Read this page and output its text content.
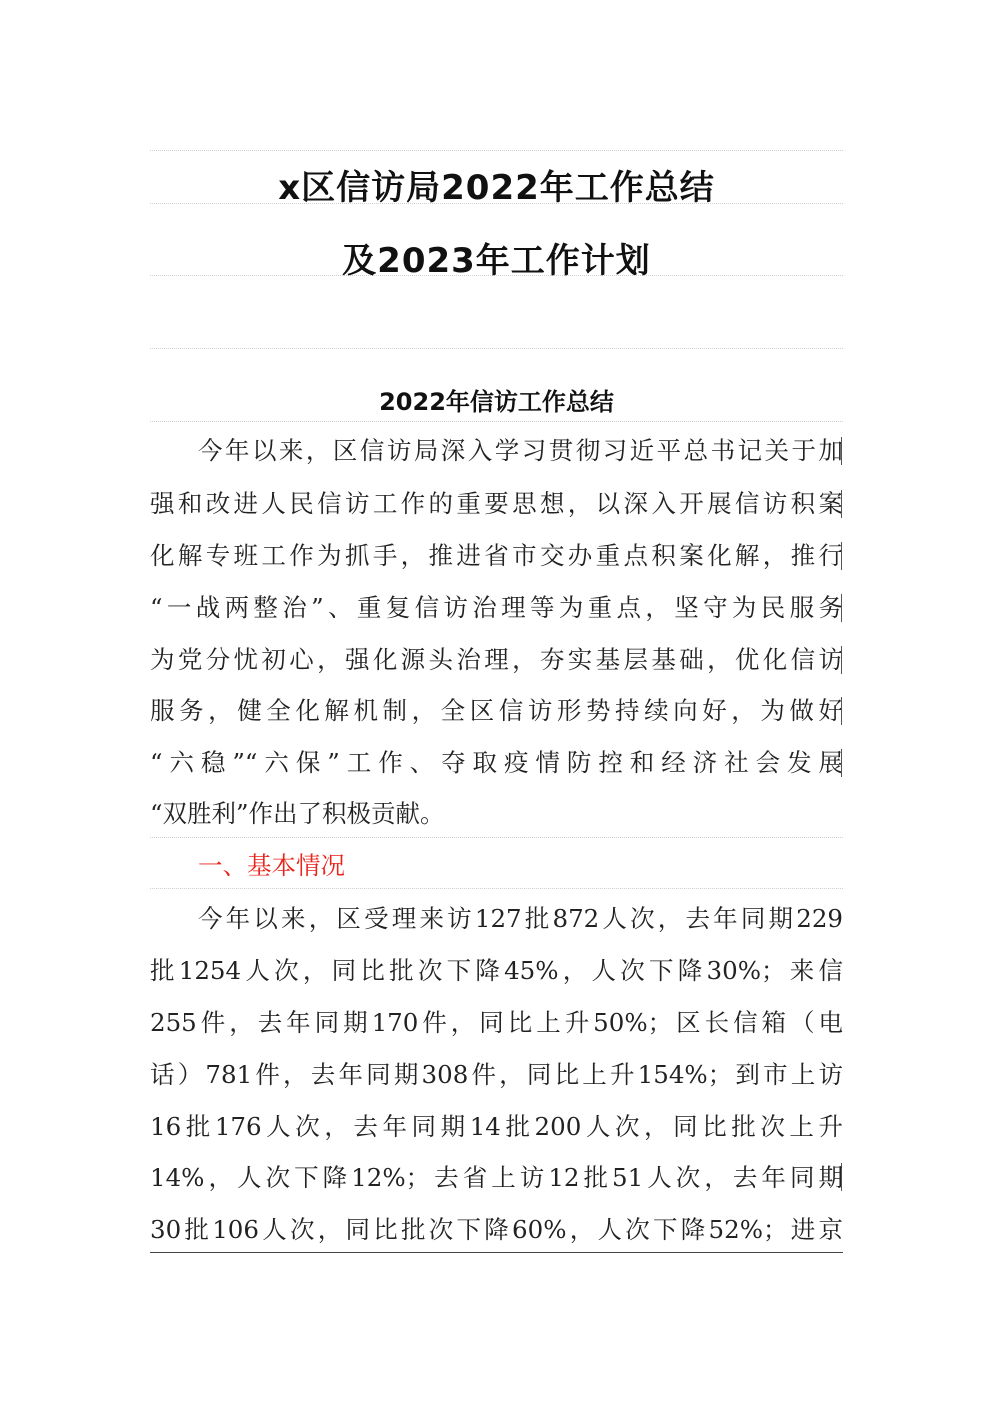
x区信访局2022年工作总结
及2023年工作计划
2022年信访工作总结
今年以来，区信访局深入学习贯彻习近平总书记关于加
强和改进人民信访工作的重要思想，以深入开展信访积案
化解专班工作为抓手，推进省市交办重点积案化解，推行
“一战两整治”、重复信访治理等为重点，坚守为民服务
为党分忧初心，强化源头治理，夯实基层基础，优化信访
服务，健全化解机制，全区信访形势持续向好，为做好
“六稳”“六保”工作、夺取疫情防控和经济社会发展
“双胜利”作出了积极贡献。
一、基本情况
今年以来，区受理来访127批872人次，去年同期229
批1254人次，同比批次下降45%，人次下降30%；来信
255件，去年同期170件，同比上升50%；区长信箱（电
话）781件，去年同期308件，同比上升154%；到市上访
16批176人次，去年同期14批200人次，同比批次上升
14%，人次下降12%；去省上访12批51人次，去年同期
30批106人次，同比批次下降60%，人次下降52%；进京
